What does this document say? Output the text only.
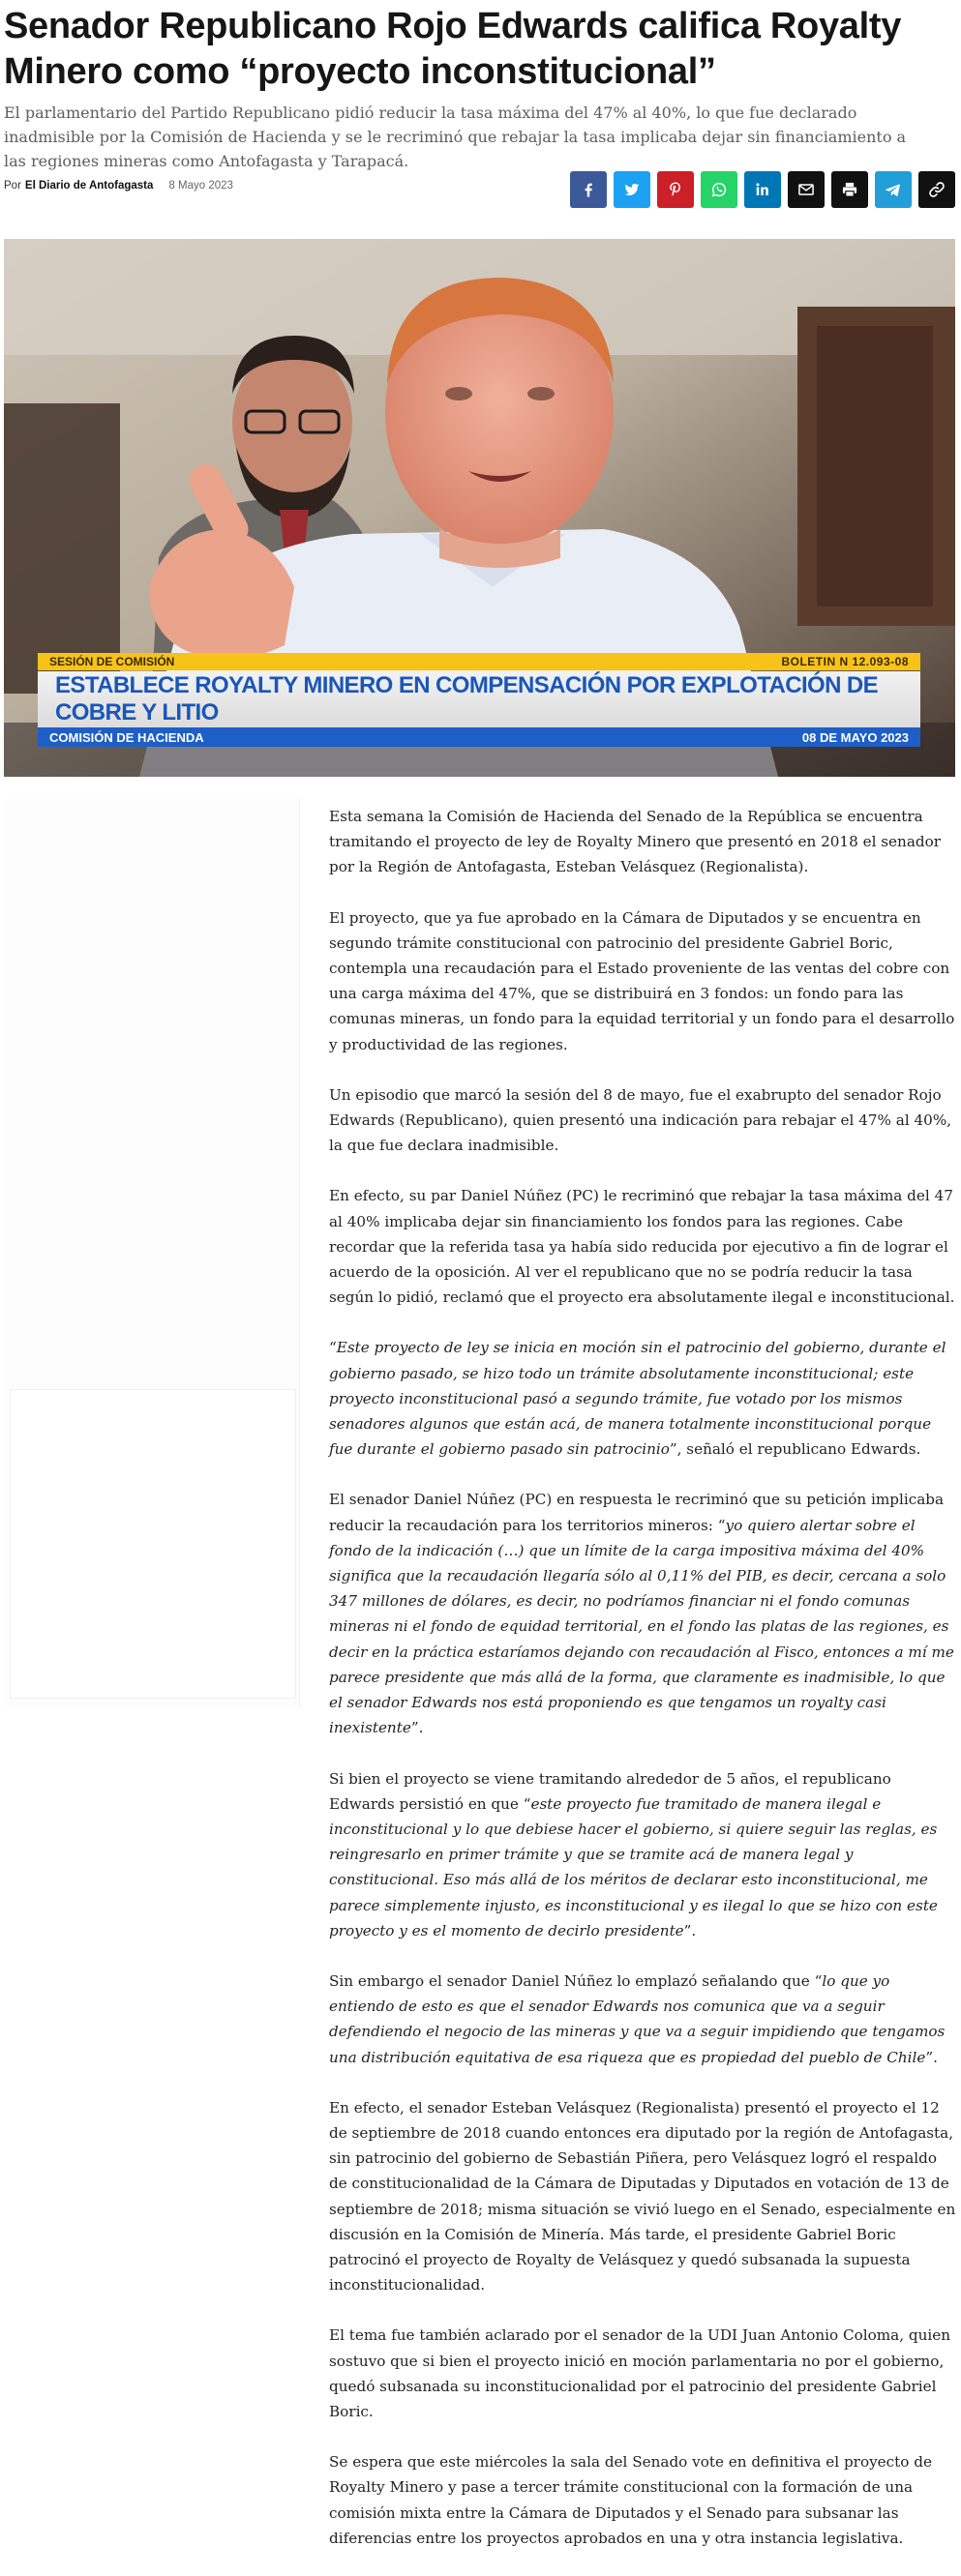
Senador Republicano Rojo Edwards califica Royalty Minero como “proyecto inconstitucional”

El parlamentario del Partido Republicano pidió reducir la tasa máxima del 47% al 40%, lo que fue declarado inadmisible por la Comisión de Hacienda y se le recriminó que rebajar la tasa implicaba dejar sin financiamiento a las regiones mineras como Antofagasta y Tarapacá.

Por El Diario de Antofagasta 8 Mayo 2023
SESIÓN DE COMISIÓN	BOLETIN N 12.093-08
ESTABLECE ROYALTY MINERO EN COMPENSACIÓN POR EXPLOTACIÓN DE COBRE Y LITIO
COMISIÓN DE HACIENDA	08 DE MAYO 2023

Esta semana la Comisión de Hacienda del Senado de la República se encuentra tramitando el proyecto de ley de Royalty Minero que presentó en 2018 el senador por la Región de Antofagasta, Esteban Velásquez (Regionalista).

El proyecto, que ya fue aprobado en la Cámara de Diputados y se encuentra en segundo trámite constitucional con patrocinio del presidente Gabriel Boric, contempla una recaudación para el Estado proveniente de las ventas del cobre con una carga máxima del 47%, que se distribuirá en 3 fondos: un fondo para las comunas mineras, un fondo para la equidad territorial y un fondo para el desarrollo y productividad de las regiones.

Un episodio que marcó la sesión del 8 de mayo, fue el exabrupto del senador Rojo Edwards (Republicano), quien presentó una indicación para rebajar el 47% al 40%, la que fue declara inadmisible.

En efecto, su par Daniel Núñez (PC) le recriminó que rebajar la tasa máxima del 47 al 40% implicaba dejar sin financiamiento los fondos para las regiones. Cabe recordar que la referida tasa ya había sido reducida por ejecutivo a fin de lograr el acuerdo de la oposición. Al ver el republicano que no se podría reducir la tasa según lo pidió, reclamó que el proyecto era absolutamente ilegal e inconstitucional.

“Este proyecto de ley se inicia en moción sin el patrocinio del gobierno, durante el gobierno pasado, se hizo todo un trámite absolutamente inconstitucional; este proyecto inconstitucional pasó a segundo trámite, fue votado por los mismos senadores algunos que están acá, de manera totalmente inconstitucional porque fue durante el gobierno pasado sin patrocinio”, señaló el republicano Edwards.

El senador Daniel Núñez (PC) en respuesta le recriminó que su petición implicaba reducir la recaudación para los territorios mineros: “yo quiero alertar sobre el fondo de la indicación (…) que un límite de la carga impositiva máxima del 40% significa que la recaudación llegaría sólo al 0,11% del PIB, es decir, cercana a solo 347 millones de dólares, es decir, no podríamos financiar ni el fondo comunas mineras ni el fondo de equidad territorial, en el fondo las platas de las regiones, es decir en la práctica estaríamos dejando con recaudación al Fisco, entonces a mí me parece presidente que más allá de la forma, que claramente es inadmisible, lo que el senador Edwards nos está proponiendo es que tengamos un royalty casi inexistente”.

Si bien el proyecto se viene tramitando alrededor de 5 años, el republicano Edwards persistió en que “este proyecto fue tramitado de manera ilegal e inconstitucional y lo que debiese hacer el gobierno, si quiere seguir las reglas, es reingresarlo en primer trámite y que se tramite acá de manera legal y constitucional. Eso más allá de los méritos de declarar esto inconstitucional, me parece simplemente injusto, es inconstitucional y es ilegal lo que se hizo con este proyecto y es el momento de decirlo presidente”.

Sin embargo el senador Daniel Núñez lo emplazó señalando que “lo que yo entiendo de esto es que el senador Edwards nos comunica que va a seguir defendiendo el negocio de las mineras y que va a seguir impidiendo que tengamos una distribución equitativa de esa riqueza que es propiedad del pueblo de Chile”.

En efecto, el senador Esteban Velásquez (Regionalista) presentó el proyecto el 12 de septiembre de 2018 cuando entonces era diputado por la región de Antofagasta, sin patrocinio del gobierno de Sebastián Piñera, pero Velásquez logró el respaldo de constitucionalidad de la Cámara de Diputadas y Diputados en votación de 13 de septiembre de 2018; misma situación se vivió luego en el Senado, especialmente en discusión en la Comisión de Minería. Más tarde, el presidente Gabriel Boric patrocinó el proyecto de Royalty de Velásquez y quedó subsanada la supuesta inconstitucionalidad.

El tema fue también aclarado por el senador de la UDI Juan Antonio Coloma, quien sostuvo que si bien el proyecto inició en moción parlamentaria no por el gobierno, quedó subsanada su inconstitucionalidad por el patrocinio del presidente Gabriel Boric.

Se espera que este miércoles la sala del Senado vote en definitiva el proyecto de Royalty Minero y pase a tercer trámite constitucional con la formación de una comisión mixta entre la Cámara de Diputados y el Senado para subsanar las diferencias entre los proyectos aprobados en una y otra instancia legislativa.
